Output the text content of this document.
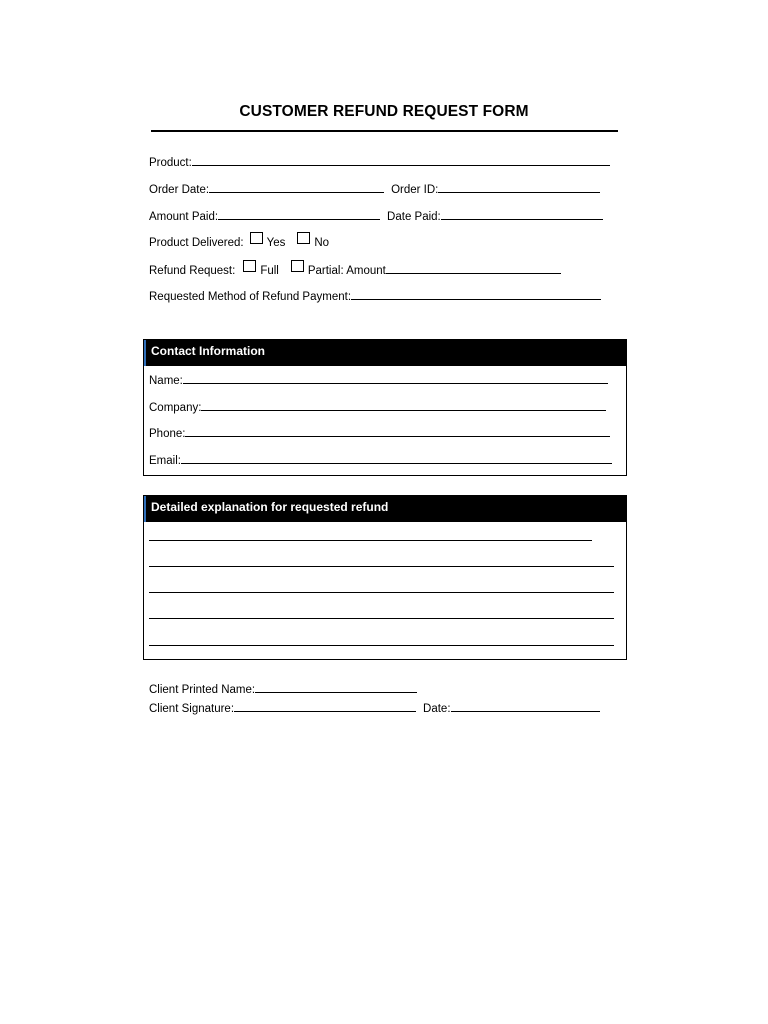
CUSTOMER REFUND REQUEST FORM
Product:
Order Date:	Order ID:
Amount Paid:	Date Paid:
Product Delivered: Yes	No
Refund Request: Full	Partial: Amount
Requested Method of Refund Payment:
Contact Information
Name:
Company:
Phone:
Email:
Detailed explanation for requested refund
Client Printed Name:
Client Signature:	Date:
